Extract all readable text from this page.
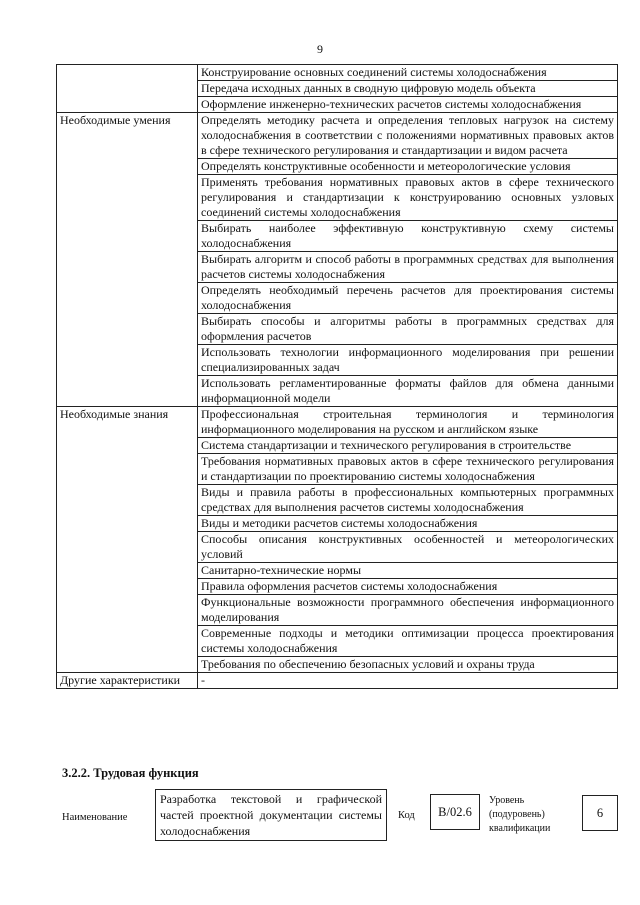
9
	Конструирование основных соединений системы холодоснабжения
	Передача исходных данных в сводную цифровую модель объекта
	Оформление инженерно-технических расчетов системы холодоснабжения
Необходимые умения	Определять методику расчета и определения тепловых нагрузок на систему холодоснабжения в соответствии с положениями нормативных правовых актов в сфере технического регулирования и стандартизации и видом расчета
	Определять конструктивные особенности и метеорологические условия
	Применять требования нормативных правовых актов в сфере технического регулирования и стандартизации к конструированию основных узловых соединений системы холодоснабжения
	Выбирать наиболее эффективную конструктивную схему системы холодоснабжения
	Выбирать алгоритм и способ работы в программных средствах для выполнения расчетов системы холодоснабжения
	Определять необходимый перечень расчетов для проектирования системы холодоснабжения
	Выбирать способы и алгоритмы работы в программных средствах для оформления расчетов
	Использовать технологии информационного моделирования при решении специализированных задач
	Использовать регламентированные форматы файлов для обмена данными информационной модели
Необходимые знания	Профессиональная строительная терминология и терминология информационного моделирования на русском и английском языке
	Система стандартизации и технического регулирования в строительстве
	Требования нормативных правовых актов в сфере технического регулирования и стандартизации по проектированию системы холодоснабжения
	Виды и правила работы в профессиональных компьютерных программных средствах для выполнения расчетов системы холодоснабжения
	Виды и методики расчетов системы холодоснабжения
	Способы описания конструктивных особенностей и метеорологических условий
	Санитарно-технические нормы
	Правила оформления расчетов системы холодоснабжения
	Функциональные возможности программного обеспечения информационного моделирования
	Современные подходы и методики оптимизации процесса проектирования системы холодоснабжения
	Требования по обеспечению безопасных условий и охраны труда
Другие характеристики	-
3.2.2. Трудовая функция
Наименование
Разработка текстовой и графической частей проектной документации системы холодоснабжения
Код	В/02.6
Уровень
(подуровень)
квалификации
6
